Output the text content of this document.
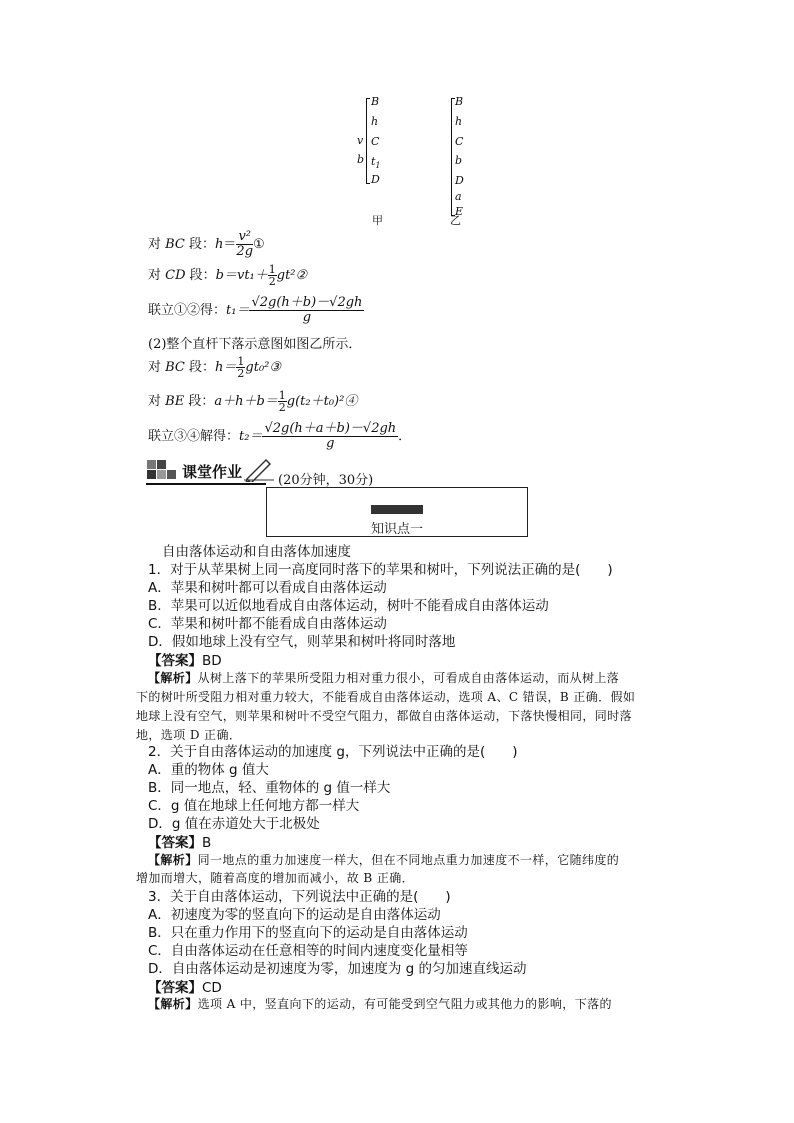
B
h
C
$t_1$
D
v
b
甲
B
h
C
b
D
a
E
乙
对 BC 段：$h= \frac{\text{v²}}{2g}$ ①
对 CD 段：$b=vt_1+ \frac{1}{2}$ gt²②
联立①②得：$t_1= \frac{√2g(h+b)-√2gh}{g}$
(2)整个直杆下落示意图如图乙所示．
对 BC 段：$h= \frac{1}{2}$ gt₀²③
对 BE 段：$a+h+b= \frac{1}{2}$ g(t₂＋t₀)²④
联立③④解得：$t_2= \frac{√2g(h+a+b)-√2gh}{g}$ ．
课堂作业	(20分钟，30分)
知识点一
自由落体运动和自由落体加速度
1．对于从苹果树上同一高度同时落下的苹果和树叶，下列说法正确的是(　　)
A．苹果和树叶都可以看成自由落体运动
B．苹果可以近似地看成自由落体运动，树叶不能看成自由落体运动
C．苹果和树叶都不能看成自由落体运动
D．假如地球上没有空气，则苹果和树叶将同时落地
【答案】BD
【解析】从树上落下的苹果所受阻力相对重力很小，可看成自由落体运动，而从树上落
下的树叶所受阻力相对重力较大，不能看成自由落体运动，选项 A、C 错误，B 正确．假如
地球上没有空气，则苹果和树叶不受空气阻力，都做自由落体运动，下落快慢相同，同时落
地，选项 D 正确．
2．关于自由落体运动的加速度 g，下列说法中正确的是(　　)
A．重的物体 g 值大
B．同一地点，轻、重物体的 g 值一样大
C．g 值在地球上任何地方都一样大
D．g 值在赤道处大于北极处
【答案】B
【解析】同一地点的重力加速度一样大，但在不同地点重力加速度不一样，它随纬度的
增加而增大，随着高度的增加而减小，故 B 正确．
3．关于自由落体运动，下列说法中正确的是(　　)
A．初速度为零的竖直向下的运动是自由落体运动
B．只在重力作用下的竖直向下的运动是自由落体运动
C．自由落体运动在任意相等的时间内速度变化量相等
D．自由落体运动是初速度为零，加速度为 g 的匀加速直线运动
【答案】CD
【解析】选项 A 中，竖直向下的运动，有可能受到空气阻力或其他力的影响，下落的
